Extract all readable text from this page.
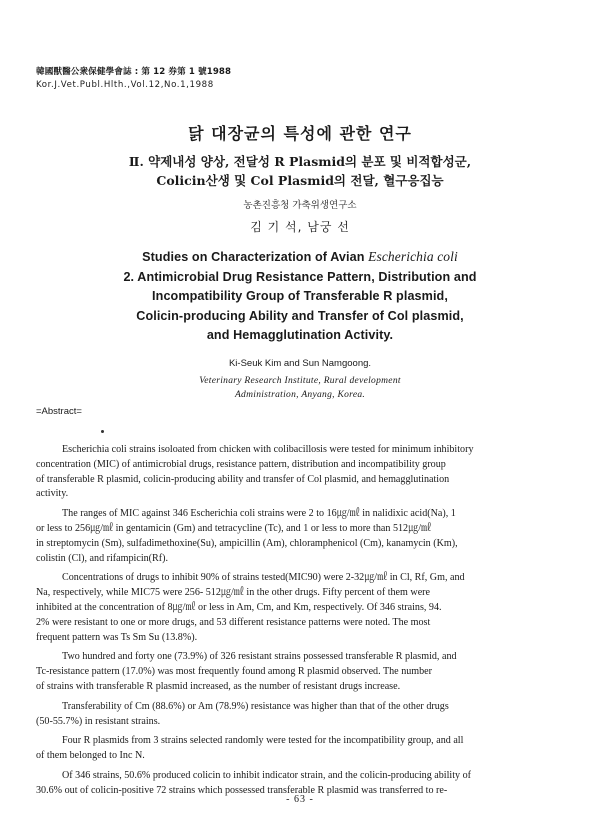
韓國獸醫公衆保健學會誌 : 第 12 券第 1 號1988
Kor.J.Vet.Publ.Hlth.,Vol.12,No.1,1988
닭 대장균의 특성에 관한 연구
Ⅱ. 약제내성 양상, 전달성 R Plasmid의 분포 및 비적합성군,
Colicin산생 및 Col Plasmid의 전달, 혈구응집능
농촌진흥청 가축위생연구소
김 기 석, 남궁 선
Studies on Characterization of Avian Escherichia coli
2. Antimicrobial Drug Resistance Pattern, Distribution and
Incompatibility Group of Transferable R plasmid,
Colicin-producing Ability and Transfer of Col plasmid,
and Hemagglutination Activity.
Ki-Seuk Kim and Sun Namgoong.
Veterinary Research Institute, Rural development
Administration, Anyang, Korea.
=Abstract=
Escherichia coli strains isoloated from chicken with colibacillosis were tested for minimum inhibitory
concentration (MIC) of antimicrobial drugs, resistance pattern, distribution and incompatibility group
of transferable R plasmid, colicin-producing ability and transfer of Col plasmid, and hemagglutination
activity.
The ranges of MIC against 346 Escherichia coli strains were 2 to 16㎍/㎖ in nalidixic acid(Na), 1
or less to 256㎍/㎖ in gentamicin (Gm) and tetracycline (Tc), and 1 or less to more than 512㎍/㎖
in streptomycin (Sm), sulfadimethoxine(Su), ampicillin (Am), chloramphenicol (Cm), kanamycin (Km),
colistin (Cl), and rifampicin(Rf).
Concentrations of drugs to inhibit 90% of strains tested(MIC90) were 2-32㎍/㎖ in Cl, Rf, Gm, and
Na, respectively, while MIC75 were 256- 512㎍/㎖ in the other drugs. Fifty percent of them were
inhibited at the concentration of 8㎍/㎖ or less in Am, Cm, and Km, respectively. Of 346 strains, 94.
2% were resistant to one or more drugs, and 53 different resistance patterns were noted. The most
frequent pattern was Ts Sm Su (13.8%).
Two hundred and forty one (73.9%) of 326 resistant strains possessed transferable R plasmid, and
Tc-resistance pattern (17.0%) was most frequently found among R plasmid observed. The number
of strains with transferable R plasmid increased, as the number of resistant drugs increase.
Transferability of Cm (88.6%) or Am (78.9%) resistance was higher than that of the other drugs
(50-55.7%) in resistant strains.
Four R plasmids from 3 strains selected randomly were tested for the incompatibility group, and all
of them belonged to Inc N.
Of 346 strains, 50.6% produced colicin to inhibit indicator strain, and the colicin-producing ability of
30.6% out of colicin-positive 72 strains which possessed transferable R plasmid was transferred to re-
- 63 -
